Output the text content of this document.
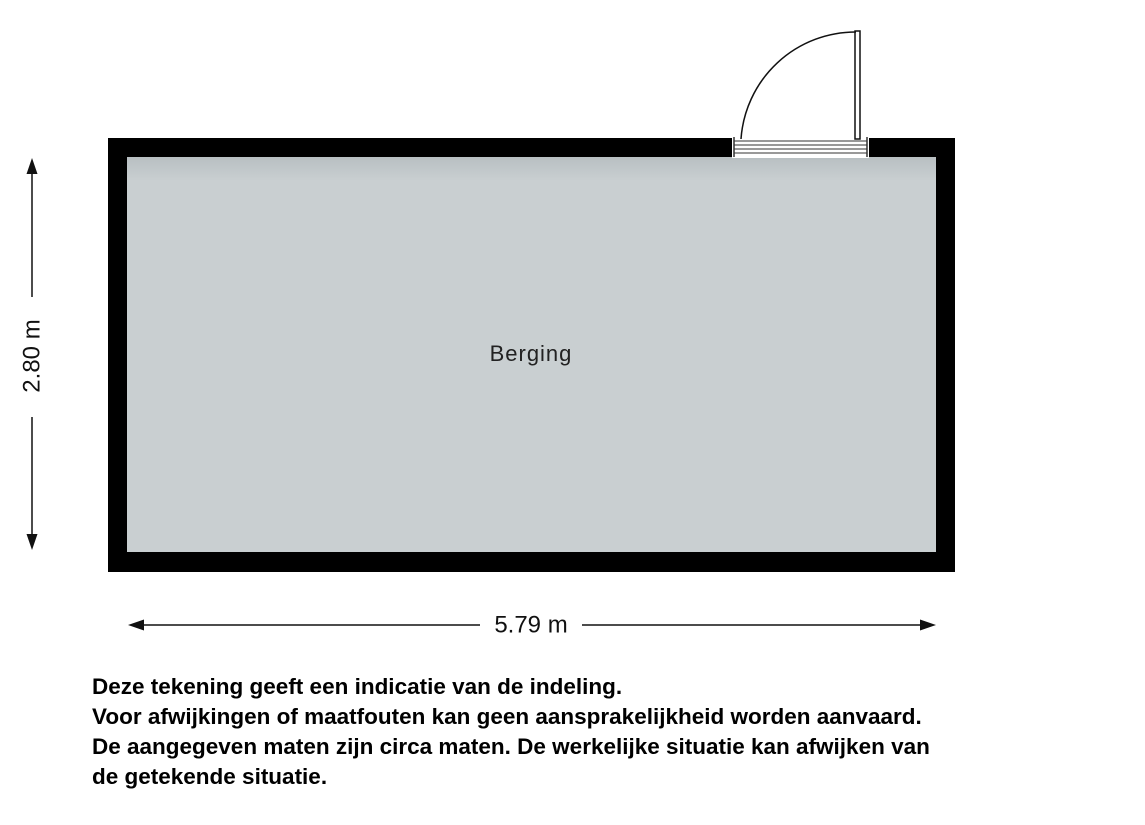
Berging
2.80 m
5.79 m
Deze tekening geeft een indicatie van de indeling.
Voor afwijkingen of maatfouten kan geen aansprakelijkheid worden aanvaard.
De aangegeven maten zijn circa maten. De werkelijke situatie kan afwijken van
de getekende situatie.
